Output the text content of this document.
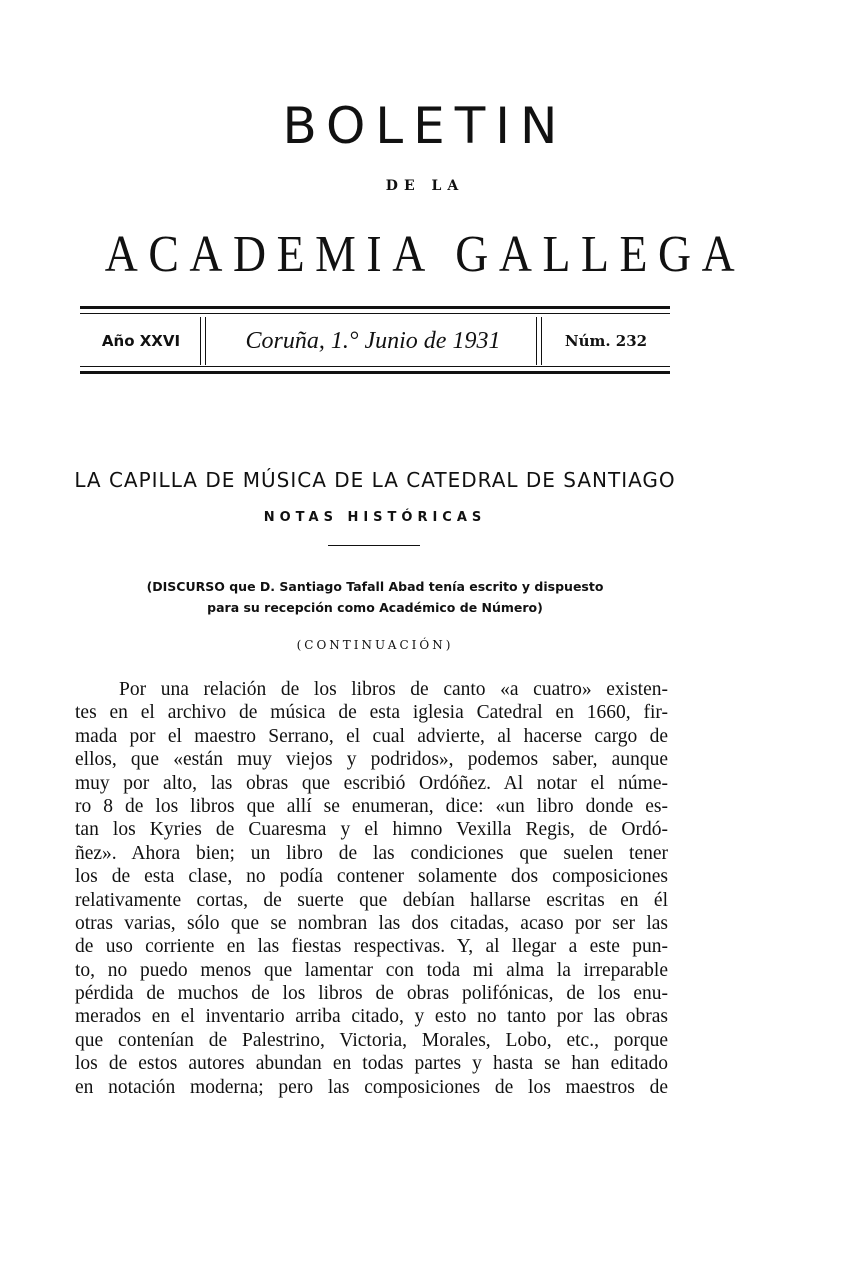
BOLETIN
DE LA
ACADEMIA GALLEGA
Año XXVI	Coruña, 1.° Junio de 1931	Núm. 232
LA CAPILLA DE MÚSICA DE LA CATEDRAL DE SANTIAGO
NOTAS HISTÓRICAS
(DISCURSO que D. Santiago Tafall Abad tenía escrito y dispuesto
para su recepción como Académico de Número)
(CONTINUACIÓN)
Por una relación de los libros de canto «a cuatro» existen-
tes en el archivo de música de esta iglesia Catedral en 1660, fir-
mada por el maestro Serrano, el cual advierte, al hacerse cargo de
ellos, que «están muy viejos y podridos», podemos saber, aunque
muy por alto, las obras que escribió Ordóñez. Al notar el núme-
ro 8 de los libros que allí se enumeran, dice: «un libro donde es-
tan los Kyries de Cuaresma y el himno Vexilla Regis, de Ordó-
ñez». Ahora bien; un libro de las condiciones que suelen tener
los de esta clase, no podía contener solamente dos composiciones
relativamente cortas, de suerte que debían hallarse escritas en él
otras varias, sólo que se nombran las dos citadas, acaso por ser las
de uso corriente en las fiestas respectivas. Y, al llegar a este pun-
to, no puedo menos que lamentar con toda mi alma la irreparable
pérdida de muchos de los libros de obras polifónicas, de los enu-
merados en el inventario arriba citado, y esto no tanto por las obras
que contenían de Palestrino, Victoria, Morales, Lobo, etc., porque
los de estos autores abundan en todas partes y hasta se han editado
en notación moderna; pero las composiciones de los maestros de
